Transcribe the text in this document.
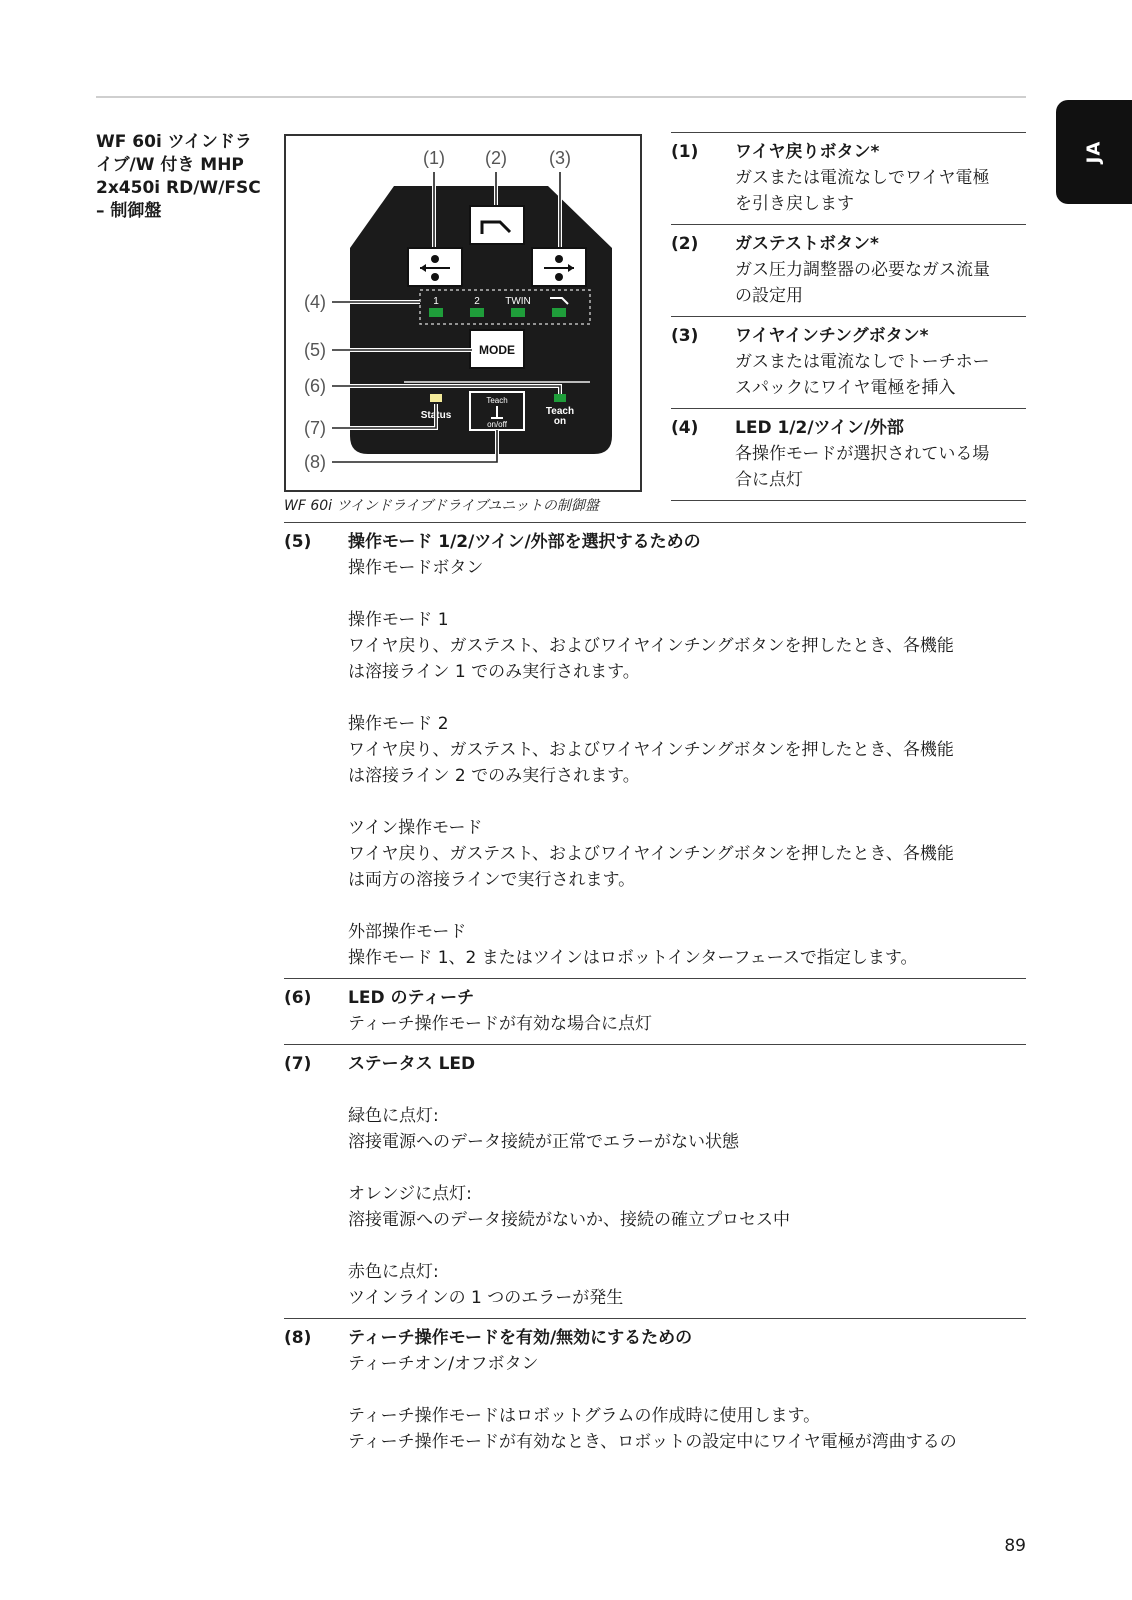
JA
WF 60i ツインドライブ/W 付き MHP 2x450i RD/W/FSC – 制御盤
(1) (2) (3)
1	2	TWIN
MODE
Status
Teach
on/off
Teach
on
(4)
(5)
(6)
(7)
(8)
WF 60i ツインドライブドライブユニットの制御盤
(1)	ワイヤ戻りボタン*
ガスまたは電流なしでワイヤ電極
を引き戻します
(2)	ガステストボタン*
ガス圧力調整器の必要なガス流量
の設定用
(3)	ワイヤインチングボタン*
ガスまたは電流なしでトーチホー
スパックにワイヤ電極を挿入
(4)	LED 1/2/ツイン/外部
各操作モードが選択されている場
合に点灯
(5)	操作モード 1/2/ツイン/外部を選択するための
操作モードボタン
操作モード 1
ワイヤ戻り、ガステスト、およびワイヤインチングボタンを押したとき、各機能
は溶接ライン 1 でのみ実行されます。
操作モード 2
ワイヤ戻り、ガステスト、およびワイヤインチングボタンを押したとき、各機能
は溶接ライン 2 でのみ実行されます。
ツイン操作モード
ワイヤ戻り、ガステスト、およびワイヤインチングボタンを押したとき、各機能
は両方の溶接ラインで実行されます。
外部操作モード
操作モード 1、2 またはツインはロボットインターフェースで指定します。
(6)	LED のティーチ
ティーチ操作モードが有効な場合に点灯
(7)	ステータス LED
緑色に点灯:
溶接電源へのデータ接続が正常でエラーがない状態
オレンジに点灯:
溶接電源へのデータ接続がないか、接続の確立プロセス中
赤色に点灯:
ツインラインの 1 つのエラーが発生
(8)	ティーチ操作モードを有効/無効にするための
ティーチオン/オフボタン
ティーチ操作モードはロボットグラムの作成時に使用します。
ティーチ操作モードが有効なとき、ロボットの設定中にワイヤ電極が湾曲するの
89
